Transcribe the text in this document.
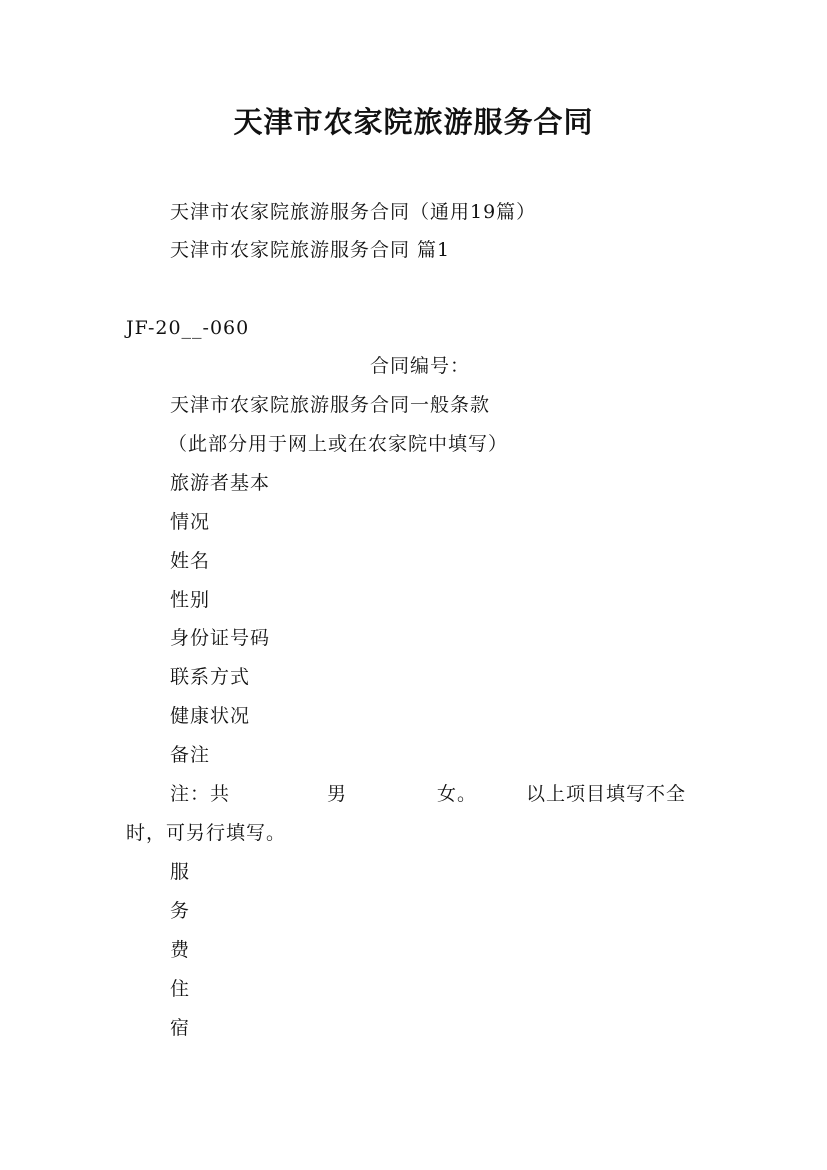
天津市农家院旅游服务合同
天津市农家院旅游服务合同（通用19篇）
天津市农家院旅游服务合同 篇1
JF-20__-060
合同编号：
天津市农家院旅游服务合同一般条款
（此部分用于网上或在农家院中填写）
旅游者基本
情况
姓名
性别
身份证号码
联系方式
健康状况
备注
注：共	男	女。	以上项目填写不全
时，可另行填写。
服
务
费
住
宿
